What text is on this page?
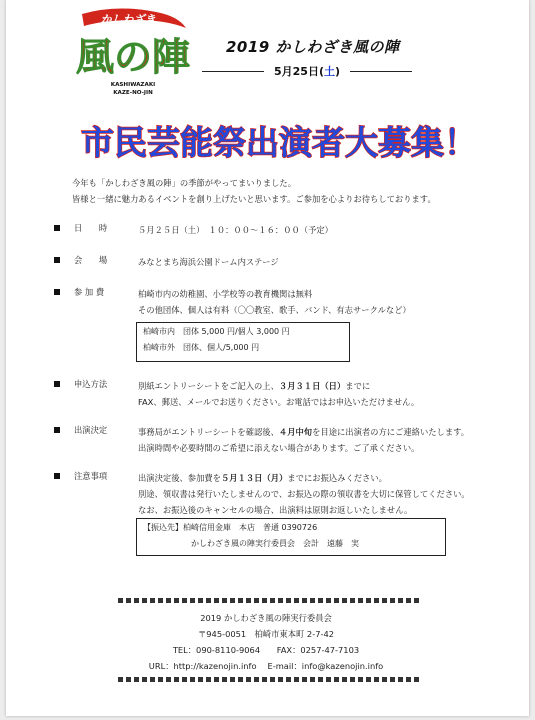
かしわざき
風の陣
KASHIWAZAKI
KAZE-NO-JIN
2019 かしわざき風の陣
5月25日(土)
市民芸能祭出演者大募集！
今年も「かしわざき風の陣」の季節がやってまいりました。
皆様と一緒に魅力あるイベントを創り上げたいと思います。ご参加を心よりお待ちしております。
日　　時	５月２５日（土）　１０：００～１６：００（予定）
会　　場	みなとまち海浜公園ドーム内ステージ
参 加 費	柏崎市内の幼稚園、小学校等の教育機関は無料
その他団体、個人は有料（〇〇教室、歌手、バンド、有志サークルなど）
柏崎市内　団体 5,000 円/個人 3,000 円
柏崎市外　団体、個人/5,000 円
申込方法	別紙エントリーシートをご記入の上、３月３１日（日）までに
FAX、郵送、メールでお送りください。お電話ではお申込いただけません。
出演決定	事務局がエントリーシートを確認後、４月中旬を目途に出演者の方にご連絡いたします。
出演時間や必要時間のご希望に添えない場合があります。ご了承ください。
注意事項	出演決定後、参加費を５月１３日（月）までにお振込みください。
別途、領収書は発行いたしませんので、お振込の際の領収書を大切に保管してください。
なお、お振込後のキャンセルの場合、出演料は原則お返しいたしません。
【振込先】柏崎信用金庫　本店　普通 0390726
かしわざき風の陣実行委員会　会計　遠藤　実
2019 かしわざき風の陣実行委員会
〒945-0051　柏崎市東本町 2-7-42
TEL：090-8110-9064　　FAX：0257-47-7103
URL：http://kazenojin.info　 E-mail：info@kazenojin.info
